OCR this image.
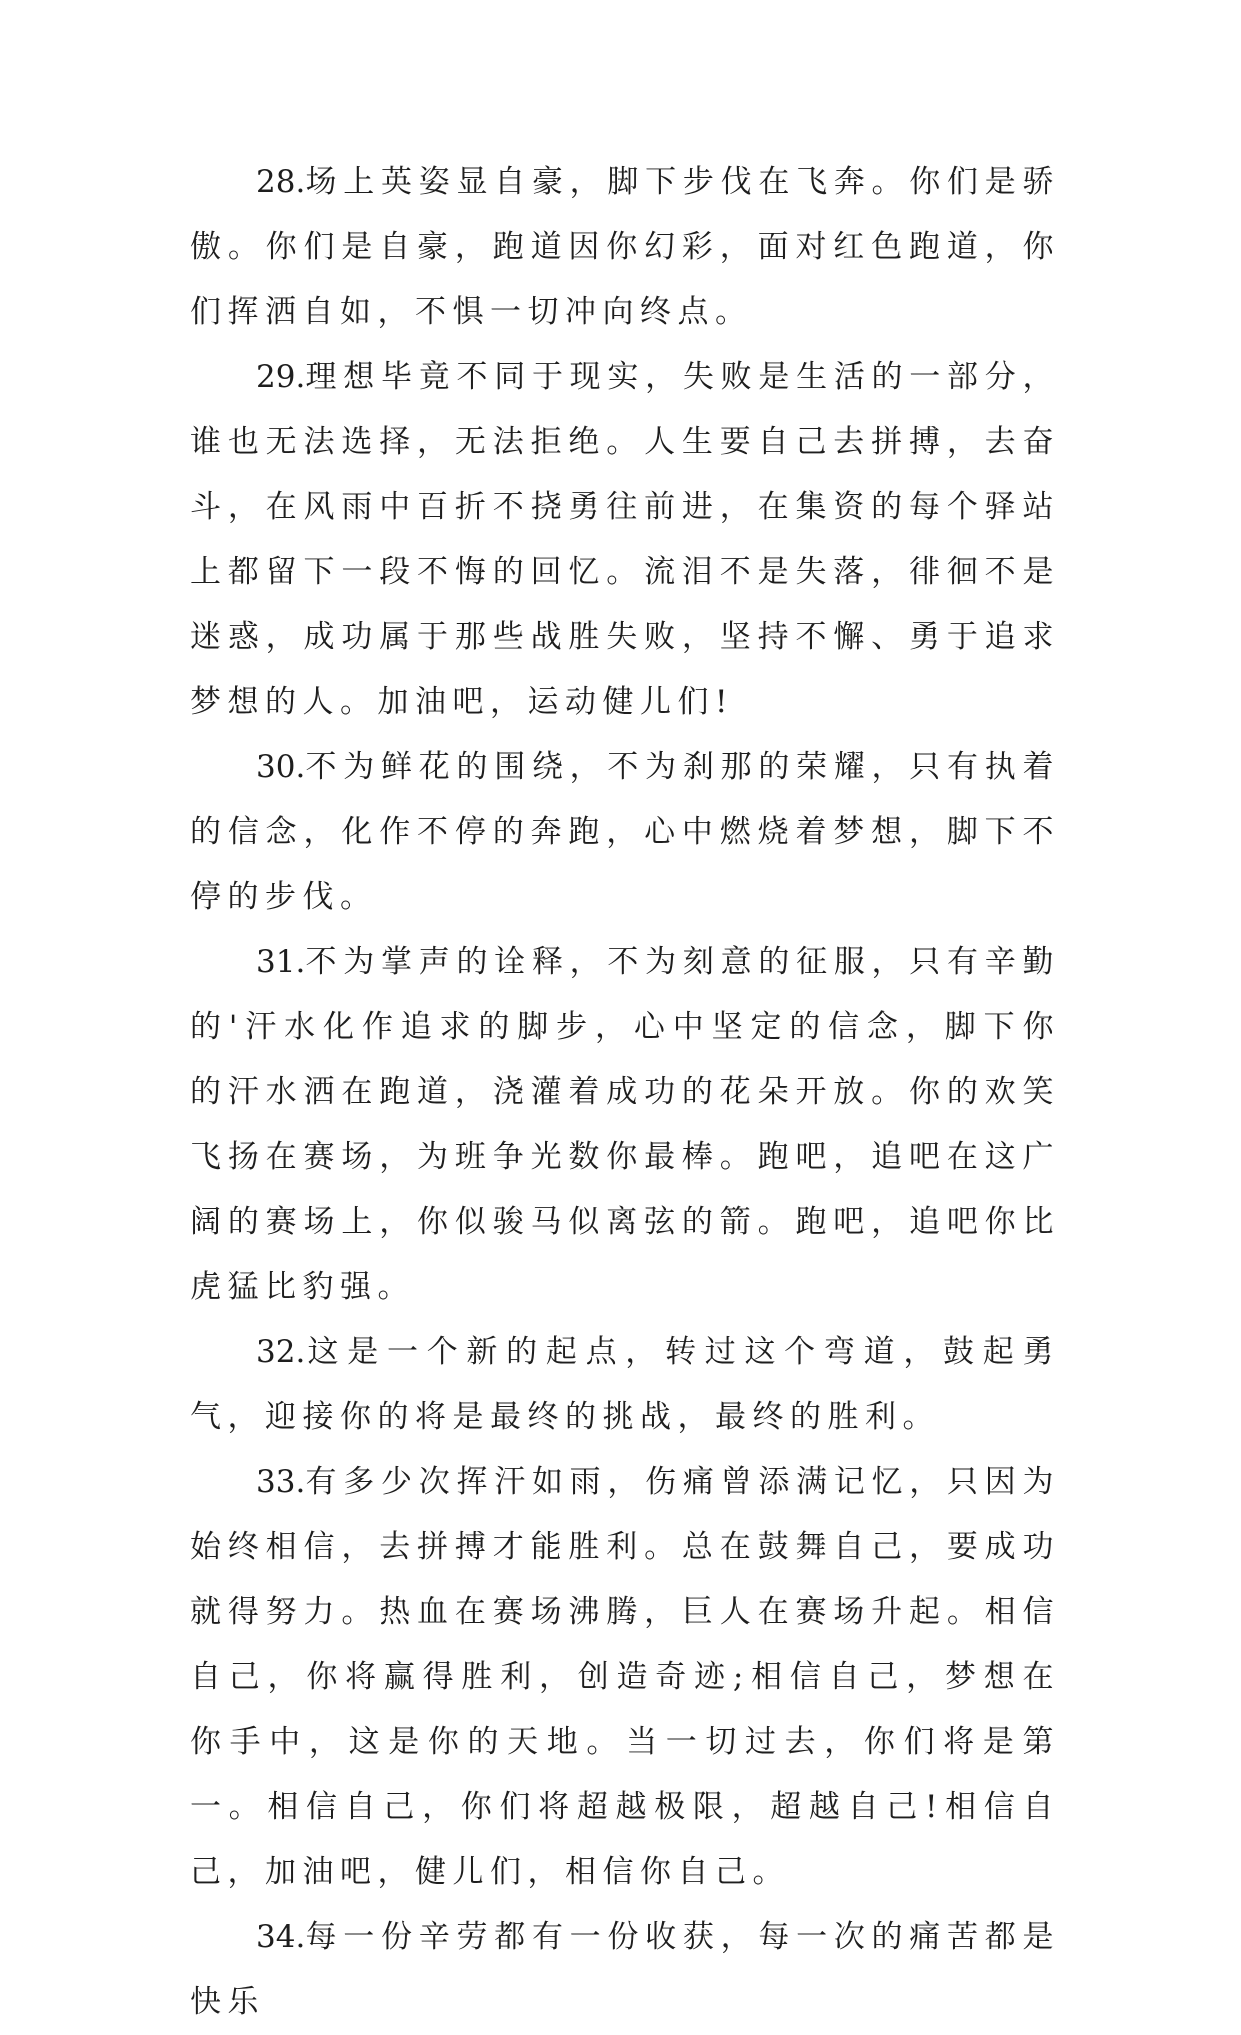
28.场上英姿显自豪，脚下步伐在飞奔。你们是骄傲。你们是自豪，跑道因你幻彩，面对红色跑道，你们挥洒自如，不惧一切冲向终点。

29.理想毕竟不同于现实，失败是生活的一部分，谁也无法选择，无法拒绝。人生要自己去拼搏，去奋斗，在风雨中百折不挠勇往前进，在集资的每个驿站上都留下一段不悔的回忆。流泪不是失落，徘徊不是迷惑，成功属于那些战胜失败，坚持不懈、勇于追求梦想的人。加油吧，运动健儿们!

30.不为鲜花的围绕，不为刹那的荣耀，只有执着的信念，化作不停的奔跑，心中燃烧着梦想，脚下不停的步伐。

31.不为掌声的诠释，不为刻意的征服，只有辛勤的'汗水化作追求的脚步，心中坚定的信念，脚下你的汗水洒在跑道，浇灌着成功的花朵开放。你的欢笑飞扬在赛场，为班争光数你最棒。跑吧，追吧在这广阔的赛场上，你似骏马似离弦的箭。跑吧，追吧你比虎猛比豹强。

32.这是一个新的起点，转过这个弯道，鼓起勇气，迎接你的将是最终的挑战，最终的胜利。

33.有多少次挥汗如雨，伤痛曾添满记忆，只因为始终相信，去拼搏才能胜利。总在鼓舞自己，要成功就得努力。热血在赛场沸腾，巨人在赛场升起。相信自己，你将赢得胜利，创造奇迹;相信自己，梦想在你手中，这是你的天地。当一切过去，你们将是第一。相信自己，你们将超越极限，超越自己!相信自己，加油吧，健儿们，相信你自己。

34.每一份辛劳都有一份收获，每一次的痛苦都是快乐
